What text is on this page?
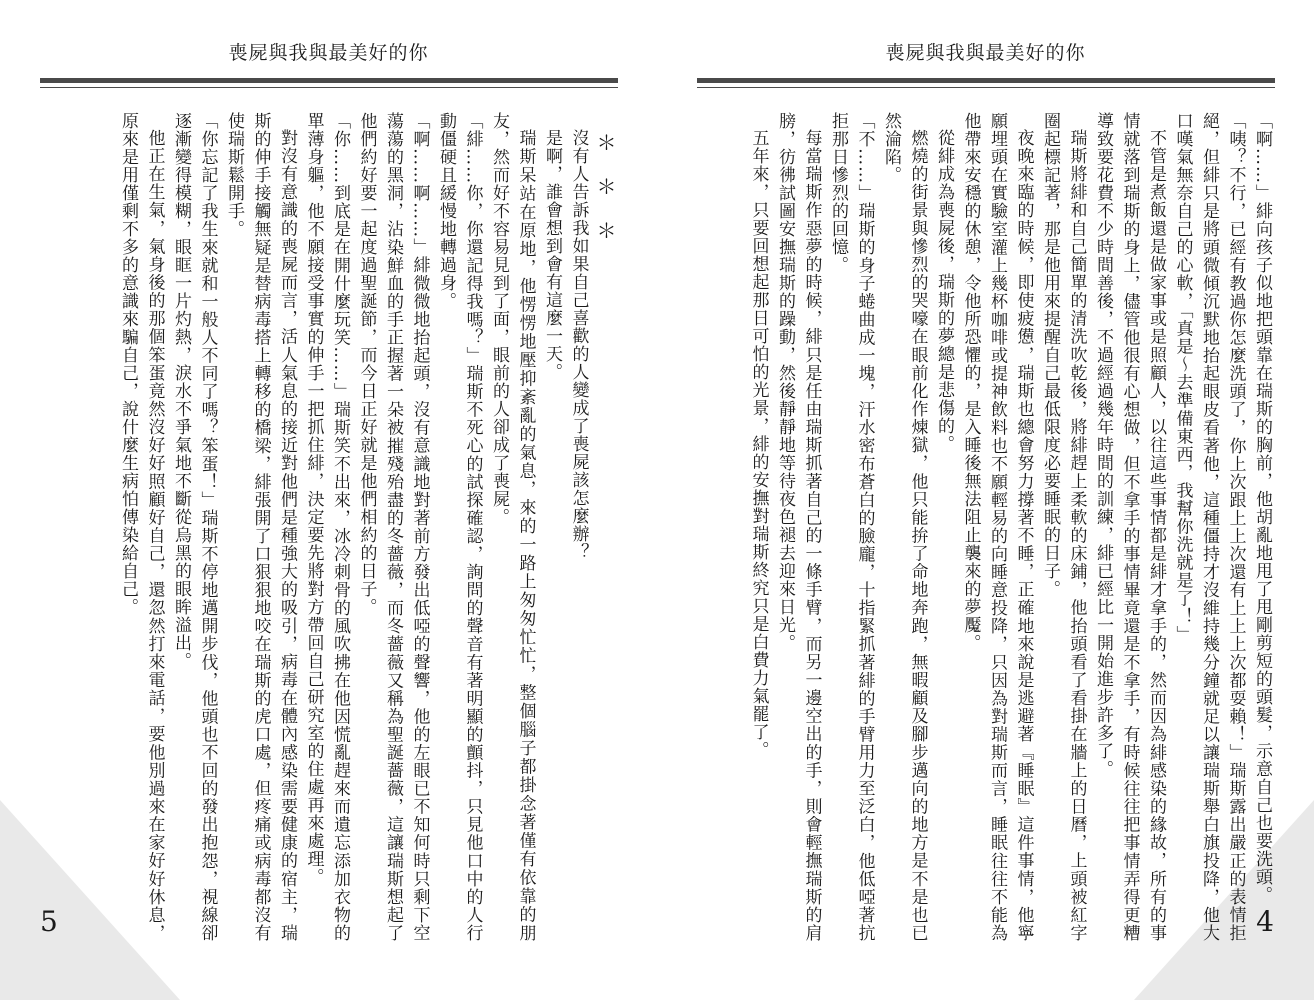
喪屍與我與最美好的你

＊＊＊

沒有人告訴我如果自己喜歡的人變成了喪屍該怎麼辦？

是啊，誰會想到會有這麼一天。

瑞斯呆站在原地，他愣愣地壓抑紊亂的氣息，來的一路上匆匆忙忙，整個腦子都掛念著僅有依靠的朋友，然而好不容易見到了面，眼前的人卻成了喪屍。

「緋……你，你還記得我嗎？」瑞斯不死心的試探確認，詢問的聲音有著明顯的顫抖，只見他口中的人行動僵硬且緩慢地轉過身。

「啊……啊……」緋微微地抬起頭，沒有意識地對著前方發出低啞的聲響，他的左眼已不知何時只剩下空蕩蕩的黑洞，沾染鮮血的手正握著一朵被摧殘殆盡的冬薔薇，而冬薔薇又稱為聖誕薔薇，這讓瑞斯想起了他們約好要一起度過聖誕節，而今日正好就是他們相約的日子。

「你……到底是在開什麼玩笑……」瑞斯笑不出來，冰冷刺骨的風吹拂在他因慌亂趕來而遺忘添加衣物的單薄身軀，他不願接受事實的伸手一把抓住緋，決定要先將對方帶回自己研究室的住處再來處理。

對沒有意識的喪屍而言，活人氣息的接近對他們是種強大的吸引，病毒在體內感染需要健康的宿主，瑞斯的伸手接觸無疑是替病毒搭上轉移的橋梁，緋張開了口狠狠地咬在瑞斯的虎口處，但疼痛或病毒都沒有使瑞斯鬆開手。

「你忘記了我生來就和一般人不同了嗎？笨蛋！」瑞斯不停地邁開步伐，他頭也不回的發出抱怨，視線卻逐漸變得模糊，眼眶一片灼熱，淚水不爭氣地不斷從烏黑的眼眸溢出。

他正在生氣，氣身後的那個笨蛋竟然沒好好照顧好自己，還忽然打來電話，要他別過來在家好好休息，原來是用僅剩不多的意識來騙自己，說什麼生病怕傳染給自己。

5
喪屍與我與最美好的你

「啊……」緋向孩子似地把頭靠在瑞斯的胸前，他胡亂地甩了甩剛剪短的頭髮，示意自己也要洗頭。

「咦？不行，已經有教過你怎麼洗頭了，你上次跟上上次還有上上上次都耍賴！」瑞斯露出嚴正的表情拒絕，但緋只是將頭微傾沉默地抬起眼皮看著他，這種僵持才沒維持幾分鐘就足以讓瑞斯舉白旗投降，他大口嘆氣無奈自己的心軟，「真是～去準備東西，我幫你洗就是了！」

不管是煮飯還是做家事或是照顧人，以往這些事情都是緋才拿手的，然而因為緋感染的緣故，所有的事情就落到瑞斯的身上，儘管他很有心想做，但不拿手的事情畢竟還是不拿手，有時候往往把事情弄得更糟導致要花費不少時間善後，不過經過幾年時間的訓練，緋已經比一開始進步許多了。

瑞斯將緋和自己簡單的清洗吹乾後，將緋趕上柔軟的床鋪，他抬頭看了看掛在牆上的日曆，上頭被紅字圈起標記著，那是他用來提醒自己最低限度必要睡眠的日子。

夜晚來臨的時候，即使疲憊，瑞斯也總會努力撐著不睡，正確地來說是逃避著『睡眠』這件事情，他寧願埋頭在實驗室灌上幾杯咖啡或提神飲料也不願輕易的向睡意投降，只因為對瑞斯而言，睡眠往往不能為他帶來安穩的休憩，令他所恐懼的，是入睡後無法阻止襲來的夢魘。

從緋成為喪屍後，瑞斯的夢總是悲傷的。

燃燒的街景與慘烈的哭嚎在眼前化作煉獄，他只能拚了命地奔跑，無暇顧及腳步邁向的地方是不是也已然淪陷。

「不……」瑞斯的身子蜷曲成一塊，汗水密布蒼白的臉龐，十指緊抓著緋的手臂用力至泛白，他低啞著抗拒那日慘烈的回憶。

每當瑞斯作惡夢的時候，緋只是任由瑞斯抓著自己的一條手臂，而另一邊空出的手，則會輕撫瑞斯的肩膀，彷彿試圖安撫瑞斯的躁動，然後靜靜地等待夜色褪去迎來日光。

五年來，只要回想起那日可怕的光景，緋的安撫對瑞斯終究只是白費力氣罷了。

4
